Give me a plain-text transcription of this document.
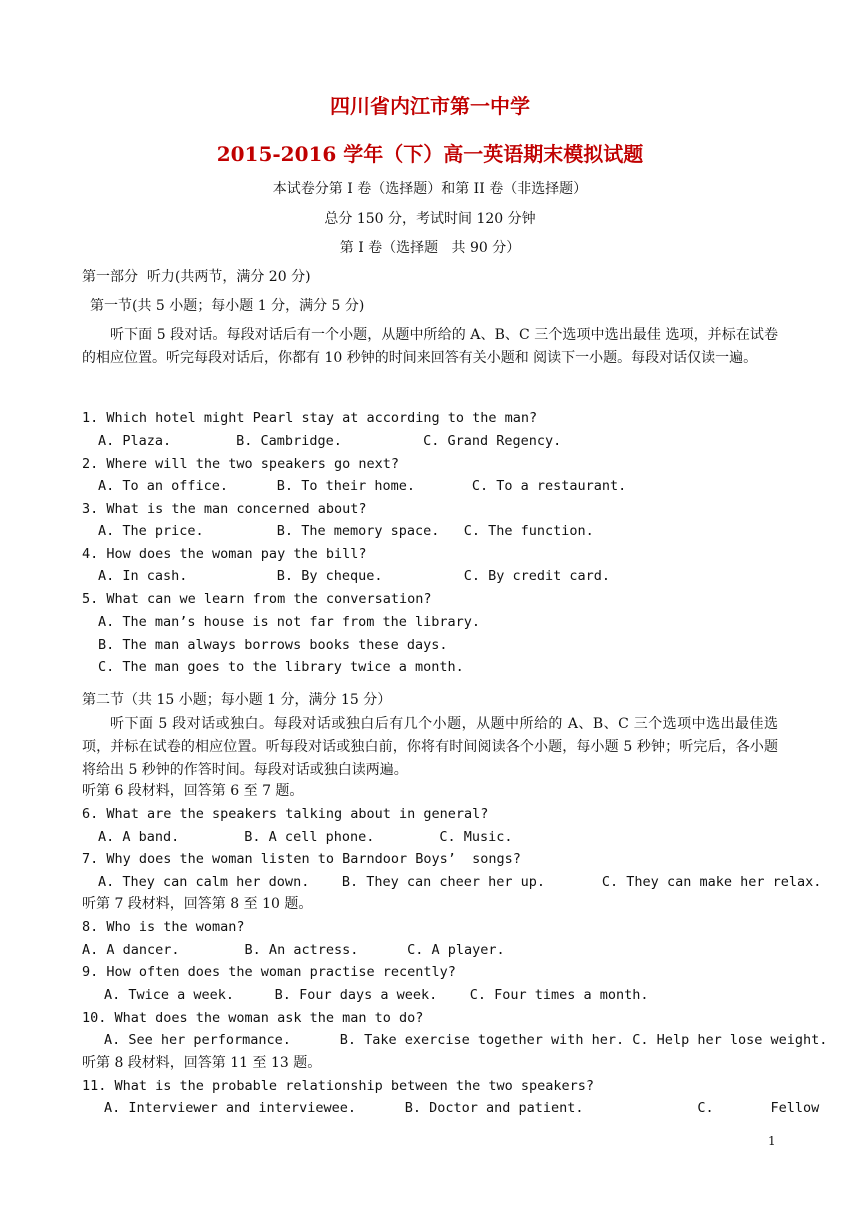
四川省内江市第一中学
2015-2016 学年（下）高一英语期末模拟试题
本试卷分第 I 卷（选择题）和第 II 卷（非选择题）
总分 150 分，考试时间 120 分钟
第 I 卷（选择题   共 90 分）
第一部分  听力(共两节，满分 20 分)
第一节(共 5 小题；每小题 1 分，满分 5 分)
听下面 5 段对话。每段对话后有一个小题，从题中所给的 A、B、C 三个选项中选出最佳 选项，并标在试卷的相应位置。听完每段对话后，你都有 10 秒钟的时间来回答有关小题和 阅读下一小题。每段对话仅读一遍。
1. Which hotel might Pearl stay at according to the man?
A. Plaza.        B. Cambridge.          C. Grand Regency.
2. Where will the two speakers go next?
A. To an office.      B. To their home.       C. To a restaurant.
3. What is the man concerned about?
A. The price.         B. The memory space.   C. The function.
4. How does the woman pay the bill?
A. In cash.           B. By cheque.          C. By credit card.
5. What can we learn from the conversation?
A. The man’s house is not far from the library.
B. The man always borrows books these days.
C. The man goes to the library twice a month.
第二节（共 15 小题；每小题 1 分，满分 15 分）
听下面 5 段对话或独白。每段对话或独白后有几个小题，从题中所给的 A、B、C 三个选项中选出最佳选项，并标在试卷的相应位置。听每段对话或独白前，你将有时间阅读各个小题，每小题 5 秒钟；听完后，各小题将给出 5 秒钟的作答时间。每段对话或独白读两遍。
听第 6 段材料，回答第 6 至 7 题。
6. What are the speakers talking about in general?
A. A band.        B. A cell phone.        C. Music.
7. Why does the woman listen to Barndoor Boys’  songs?
A. They can calm her down.    B. They can cheer her up.       C. They can make her relax.
听第 7 段材料，回答第 8 至 10 题。
8. Who is the woman?
A. A dancer.        B. An actress.      C. A player.
9. How often does the woman practise recently?
A. Twice a week.     B. Four days a week.    C. Four times a month.
10. What does the woman ask the man to do?
A. See her performance.      B. Take exercise together with her. C. Help her lose weight.
听第 8 段材料，回答第 11 至 13 题。
11. What is the probable relationship between the two speakers?
A. Interviewer and interviewee.      B. Doctor and patient.              C.       Fellow
1
